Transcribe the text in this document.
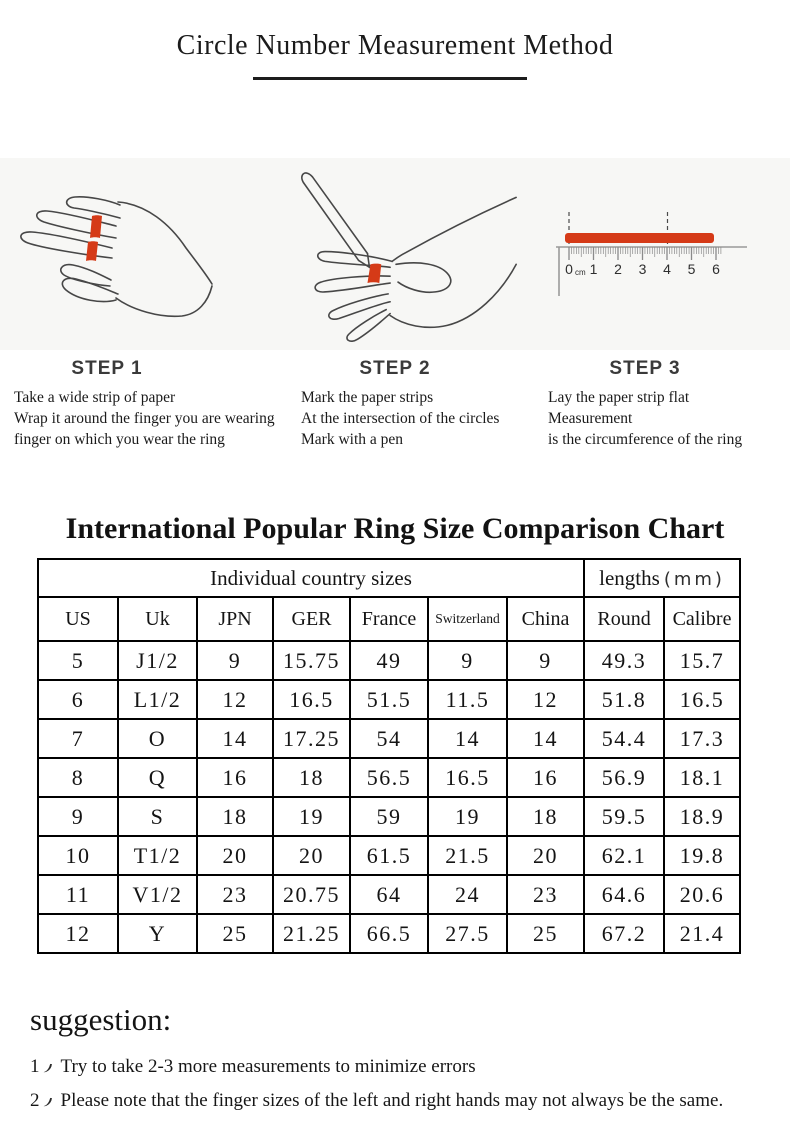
Circle Number Measurement Method
0 cm 1 2 3 4 5 6
STEP 1	STEP 2	STEP 3
Take a wide strip of paper
Wrap it around the finger you are wearing
finger on which you wear the ring
Mark the paper strips
At the intersection of the circles
Mark with a pen
Lay the paper strip flat
Measurement
is the circumference of the ring
International Popular Ring Size Comparison Chart
Individual country sizes							lengths (mm)	
US	Uk	JPN	GER	France	Switzerland	China	Round	Calibre
5	J1/2	9	15.75	49	9	9	49.3	15.7
6	L1/2	12	16.5	51.5	11.5	12	51.8	16.5
7	O	14	17.25	54	14	14	54.4	17.3
8	Q	16	18	56.5	16.5	16	56.9	18.1
9	S	18	19	59	19	18	59.5	18.9
10	T1/2	20	20	61.5	21.5	20	62.1	19.8
11	V1/2	23	20.75	64	24	23	64.6	20.6
12	Y	25	21.25	66.5	27.5	25	67.2	21.4
suggestion:
1 Try to take 2-3 more measurements to minimize errors
2 Please note that the finger sizes of the left and right hands may not always be the same.
